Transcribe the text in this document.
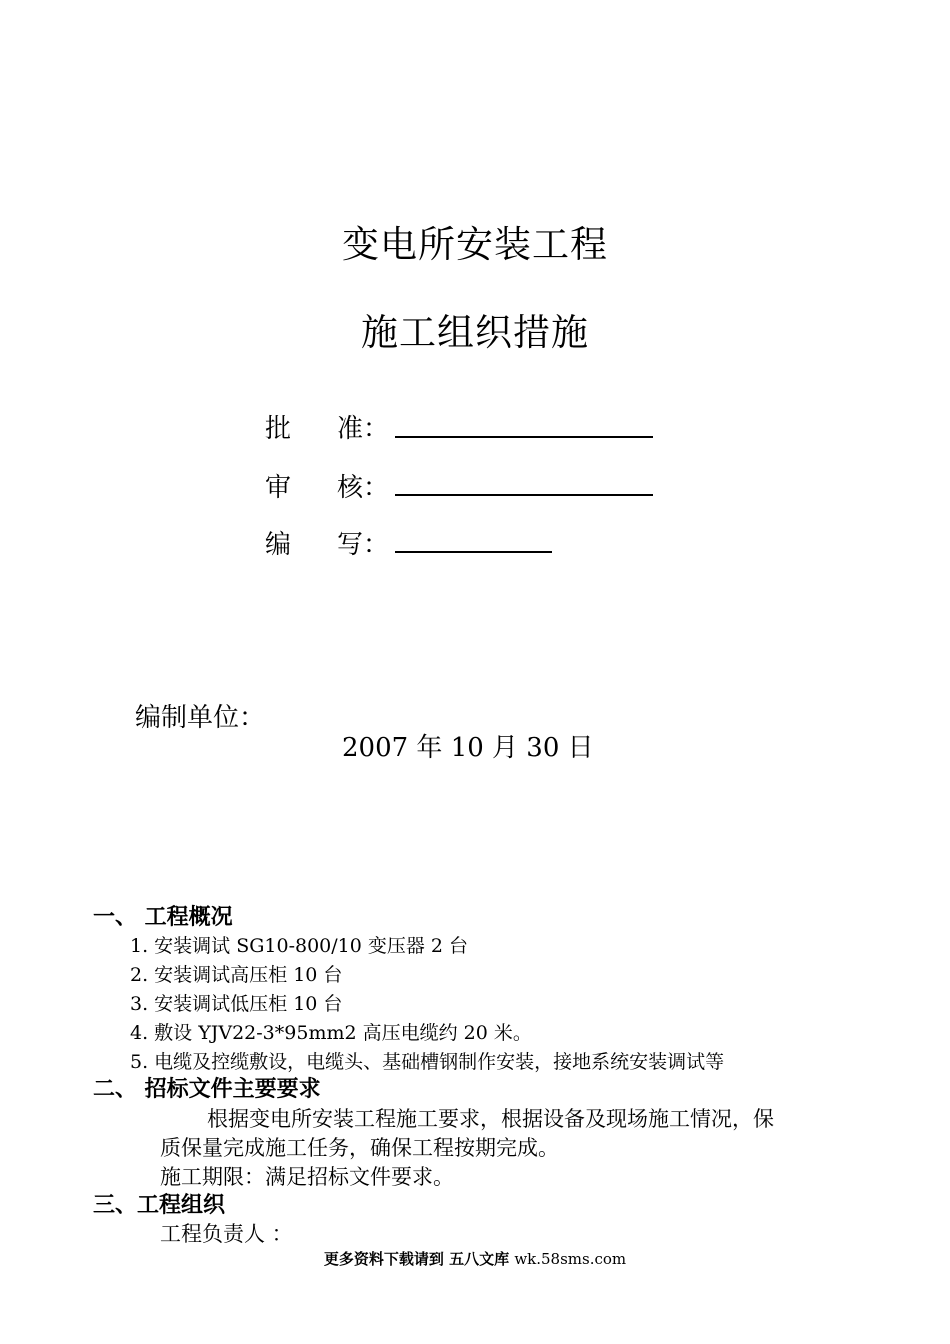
变电所安装工程
施工组织措施
批 准：
审 核：
编 写：
编制单位：
2007 年 10 月 30 日
一、 工程概况
1. 安装调试 SG10-800/10 变压器 2 台
2. 安装调试高压柜 10 台
3. 安装调试低压柜 10 台
4. 敷设 YJV22-3*95mm2 高压电缆约 20 米。
5. 电缆及控缆敷设，电缆头、基础槽钢制作安装，接地系统安装调试等
二、 招标文件主要要求
根据变电所安装工程施工要求，根据设备及现场施工情况，保
质保量完成施工任务，确保工程按期完成。
施工期限：满足招标文件要求。
三、工程组织
工程负责人 ：
更多资料下载请到 五八文库 wk.58sms.com
